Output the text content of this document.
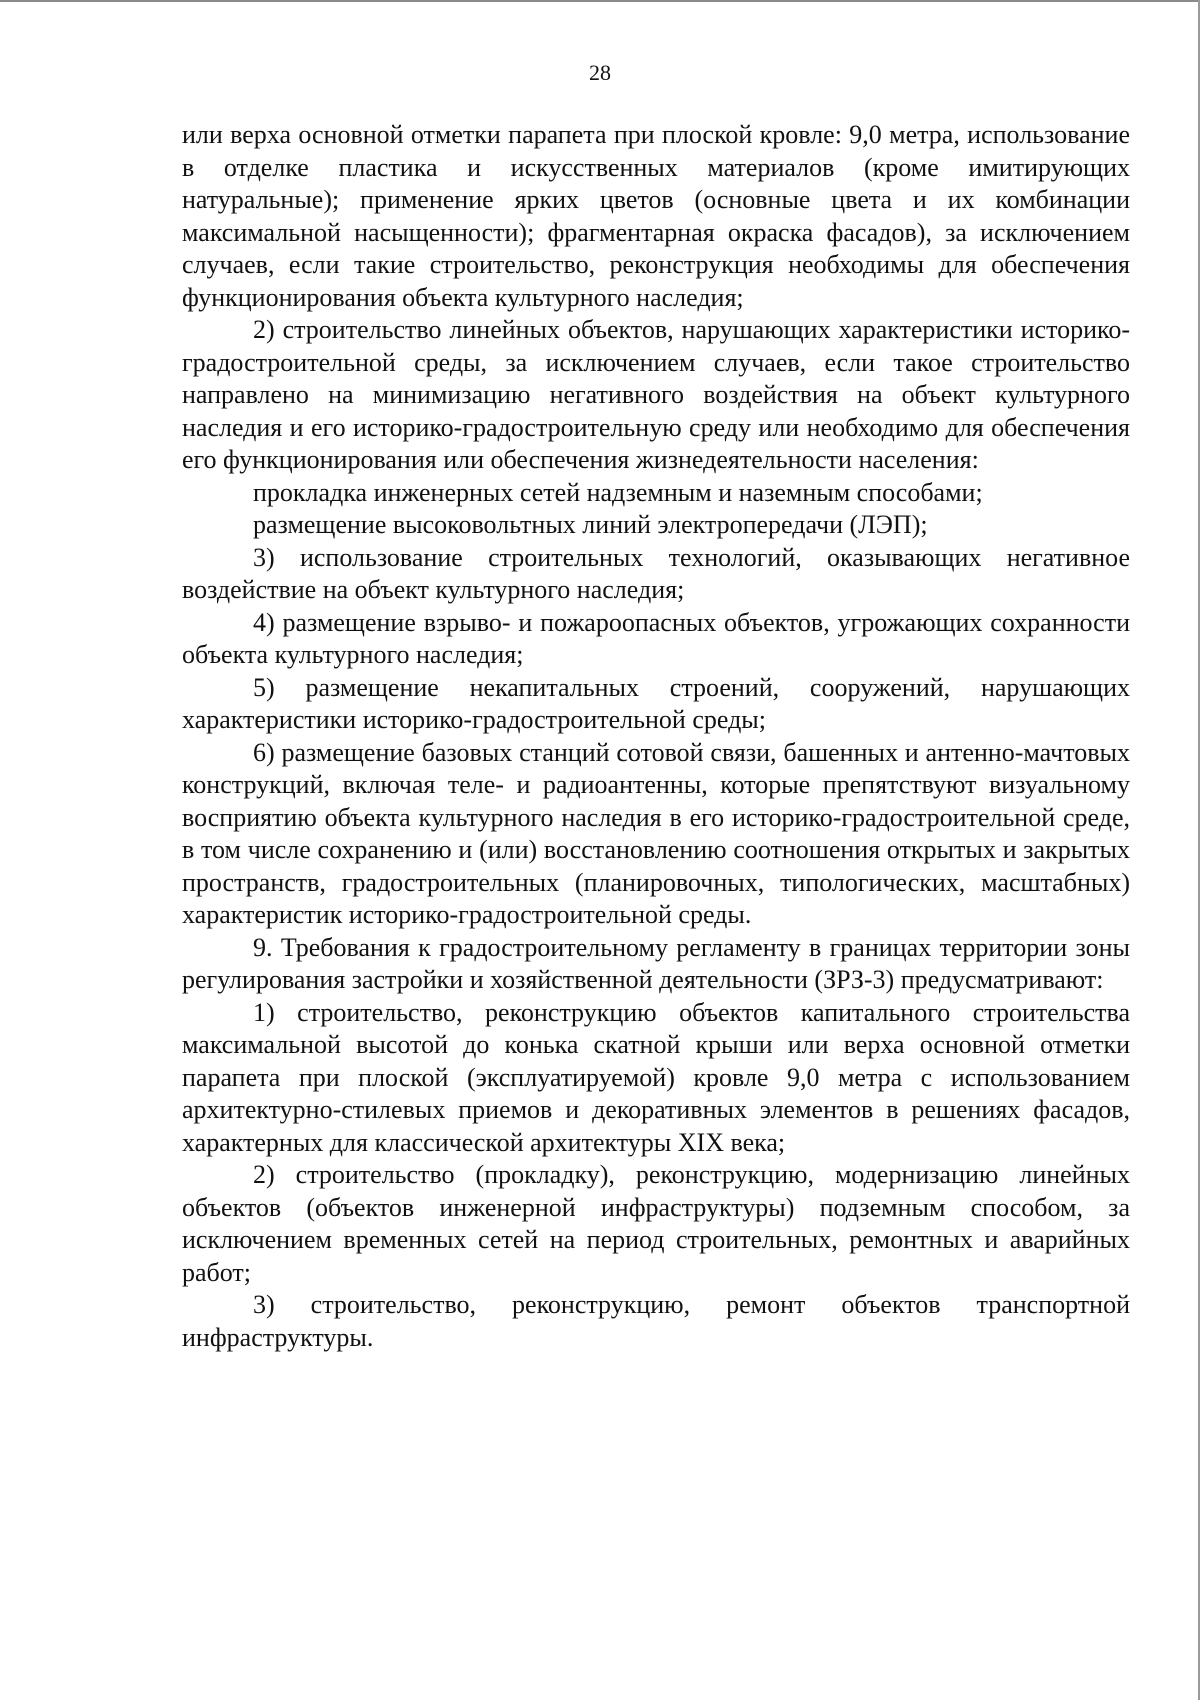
28

или верха основной отметки парапета при плоской кровле: 9,0 метра, использование в отделке пластика и искусственных материалов (кроме имитирующих натуральные); применение ярких цветов (основные цвета и их комбинации максимальной насыщенности); фрагментарная окраска фасадов), за исключением случаев, если такие строительство, реконструкция необходимы для обеспечения функционирования объекта культурного наследия;

2) строительство линейных объектов, нарушающих характеристики историко-градостроительной среды, за исключением случаев, если такое строительство направлено на минимизацию негативного воздействия на объект культурного наследия и его историко-градостроительную среду или необходимо для обеспечения его функционирования или обеспечения жизнедеятельности населения:

прокладка инженерных сетей надземным и наземным способами;

размещение высоковольтных линий электропередачи (ЛЭП);

3) использование строительных технологий, оказывающих негативное воздействие на объект культурного наследия;

4) размещение взрыво- и пожароопасных объектов, угрожающих сохранности объекта культурного наследия;

5) размещение некапитальных строений, сооружений, нарушающих характеристики историко-градостроительной среды;

6) размещение базовых станций сотовой связи, башенных и антенно-мачтовых конструкций, включая теле- и радиоантенны, которые препятствуют визуальному восприятию объекта культурного наследия в его историко-градостроительной среде, в том числе сохранению и (или) восстановлению соотношения открытых и закрытых пространств, градостроительных (планировочных, типологических, масштабных) характеристик историко-градостроительной среды.

9. Требования к градостроительному регламенту в границах территории зоны регулирования застройки и хозяйственной деятельности (ЗРЗ-3) предусматривают:

1) строительство, реконструкцию объектов капитального строительства максимальной высотой до конька скатной крыши или верха основной отметки парапета при плоской (эксплуатируемой) кровле 9,0 метра с использованием архитектурно-стилевых приемов и декоративных элементов в решениях фасадов, характерных для классической архитектуры XIX века;

2) строительство (прокладку), реконструкцию, модернизацию линейных объектов (объектов инженерной инфраструктуры) подземным способом, за исключением временных сетей на период строительных, ремонтных и аварийных работ;

3) строительство, реконструкцию, ремонт объектов транспортной инфраструктуры.
